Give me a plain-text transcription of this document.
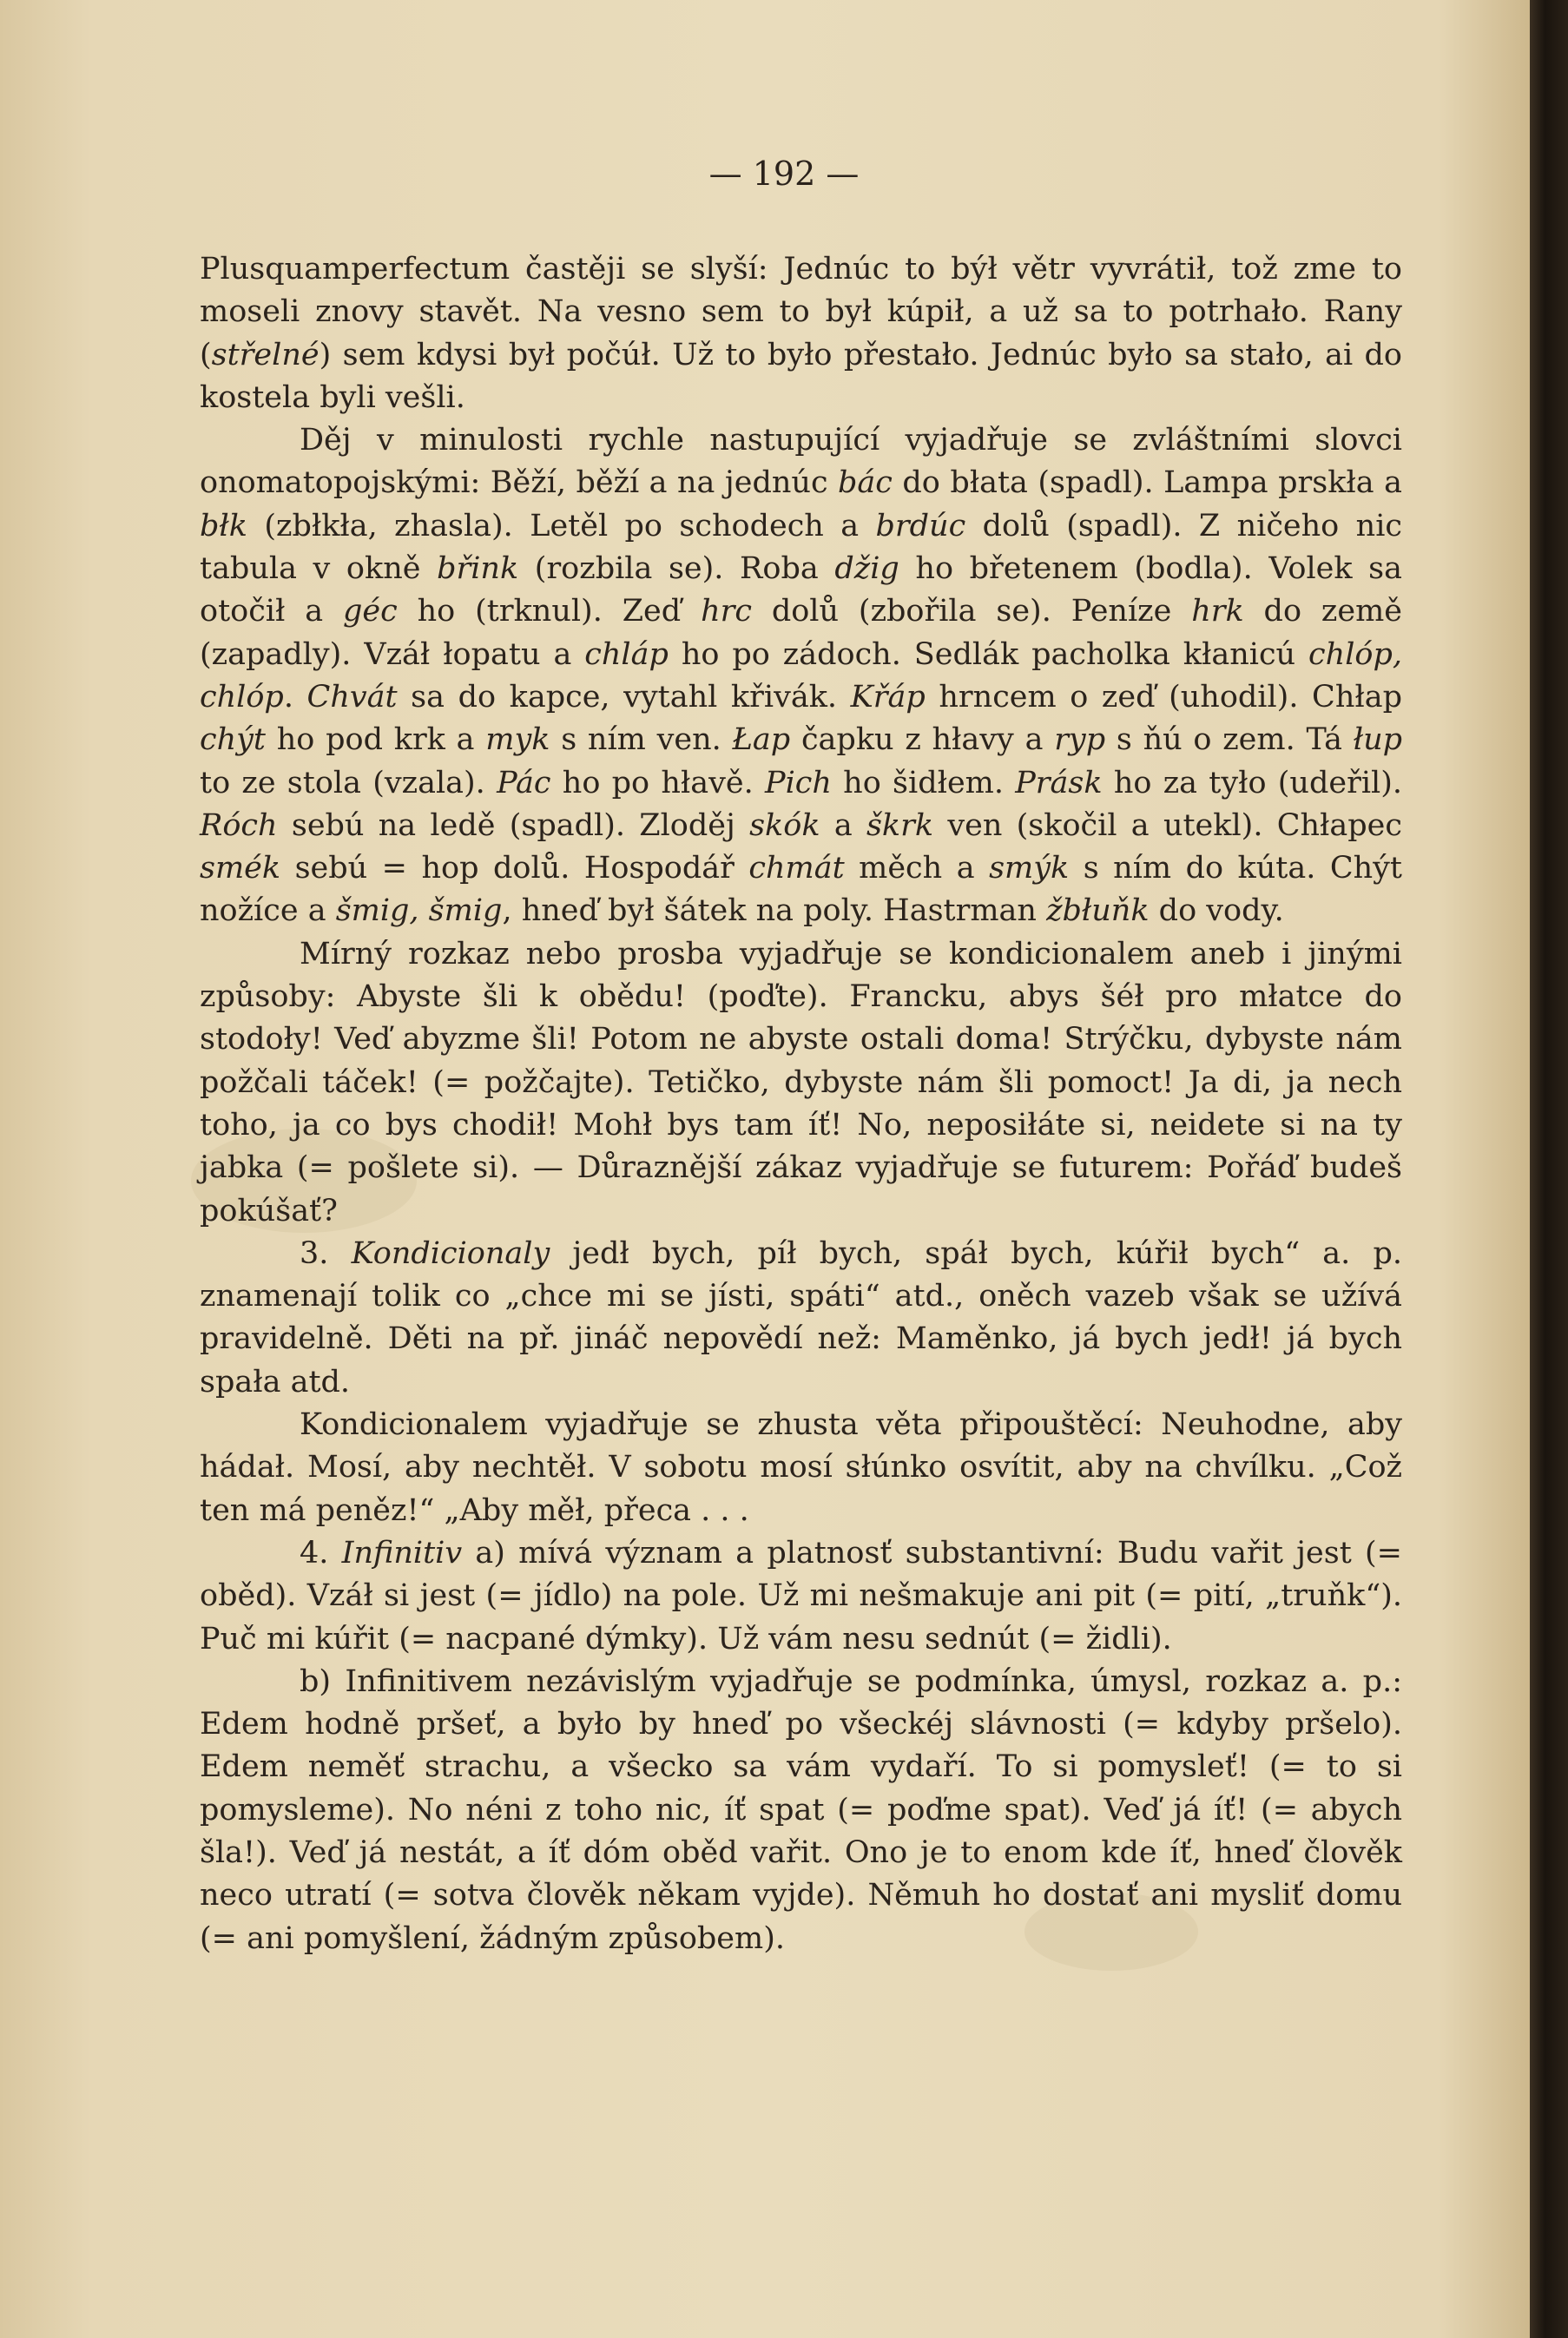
— 192 —

Plusquamperfectum častěji se slyší: Jednúc to býł větr vyvrátił, tož zme to moseli znovy stavět. Na vesno sem to był kúpił, a už sa to potrhało. Rany (střelné) sem kdysi był počúł. Už to było přestało. Jednúc było sa stało, ai do kostela byli vešli.

Děj v minulosti rychle nastupující vyjadřuje se zvláštními slovci onomatopojskými: Běží, běží a na jednúc bác do błata (spadl). Lampa prskła a błk (zbłkła, zhasla). Letěl po schodech a brdúc dolů (spadl). Z ničeho nic tabula v okně břink (rozbila se). Roba džig ho břetenem (bodla). Volek sa otočił a géc ho (trknul). Zeď hrc dolů (zbořila se). Peníze hrk do země (zapadly). Vzáł łopatu a chláp ho po zádoch. Sedlák pacholka kłanicú chlóp, chlóp. Chvát sa do kapce, vytahl křivák. Křáp hrncem o zeď (uhodil). Chłap chýt ho pod krk a myk s ním ven. Łap čapku z hłavy a ryp s ňú o zem. Tá łup to ze stola (vzala). Pác ho po hłavě. Pich ho šidłem. Prásk ho za tyło (udeřil). Róch sebú na ledě (spadl). Zloděj skók a škrk ven (skočil a utekl). Chłapec smék sebú = hop dolů. Hospodář chmát měch a smýk s ním do kúta. Chýt nožíce a šmig, šmig, hneď był šátek na poly. Hastrman žbłuňk do vody.

Mírný rozkaz nebo prosba vyjadřuje se kondicionalem aneb i jinými způsoby: Abyste šli k obědu! (poďte). Francku, abys šéł pro młatce do stodoły! Veď abyzme šli! Potom ne abyste ostali doma! Strýčku, dybyste nám požčali táček! (= požčajte). Tetičko, dybyste nám šli pomoct! Ja di, ja nech toho, ja co bys chodił! Mohł bys tam íť! No, neposiłáte si, neidete si na ty jabka (= pošlete si). — Důraznější zákaz vyjadřuje se futurem: Pořáď budeš pokúšať?

3. Kondicionaly jedł bych, píł bych, spáł bych, kúřił bych“ a. p. znamenají tolik co „chce mi se jísti, spáti“ atd., oněch vazeb však se užívá pravidelně. Děti na př. jináč nepovědí než: Maměnko, já bych jedł! já bych spała atd.

Kondicionalem vyjadřuje se zhusta věta připouštěcí: Neuhodne, aby hádał. Mosí, aby nechtěł. V sobotu mosí słúnko osvítit, aby na chvílku. „Což ten má peněz!“ „Aby měł, přeca . . .

4. Infinitiv a) mívá význam a platnosť substantivní: Budu vařit jest (= oběd). Vzáł si jest (= jídlo) na pole. Už mi nešmakuje ani pit (= pití, „truňk“). Puč mi kúřit (= nacpané dýmky). Už vám nesu sednút (= židli).

b) Infinitivem nezávislým vyjadřuje se podmínka, úmysl, rozkaz a. p.: Edem hodně pršeť, a było by hneď po všeckéj slávnosti (= kdyby pršelo). Edem neměť strachu, a všecko sa vám vydaří. To si pomysleť! (= to si pomysleme). No néni z toho nic, íť spat (= poďme spat). Veď já íť! (= abych šla!). Veď já nestát, a íť dóm oběd vařit. Ono je to enom kde íť, hneď člověk neco utratí (= sotva člověk někam vyjde). Němuh ho dostať ani mysliť domu (= ani pomyšlení, žádným způsobem).
